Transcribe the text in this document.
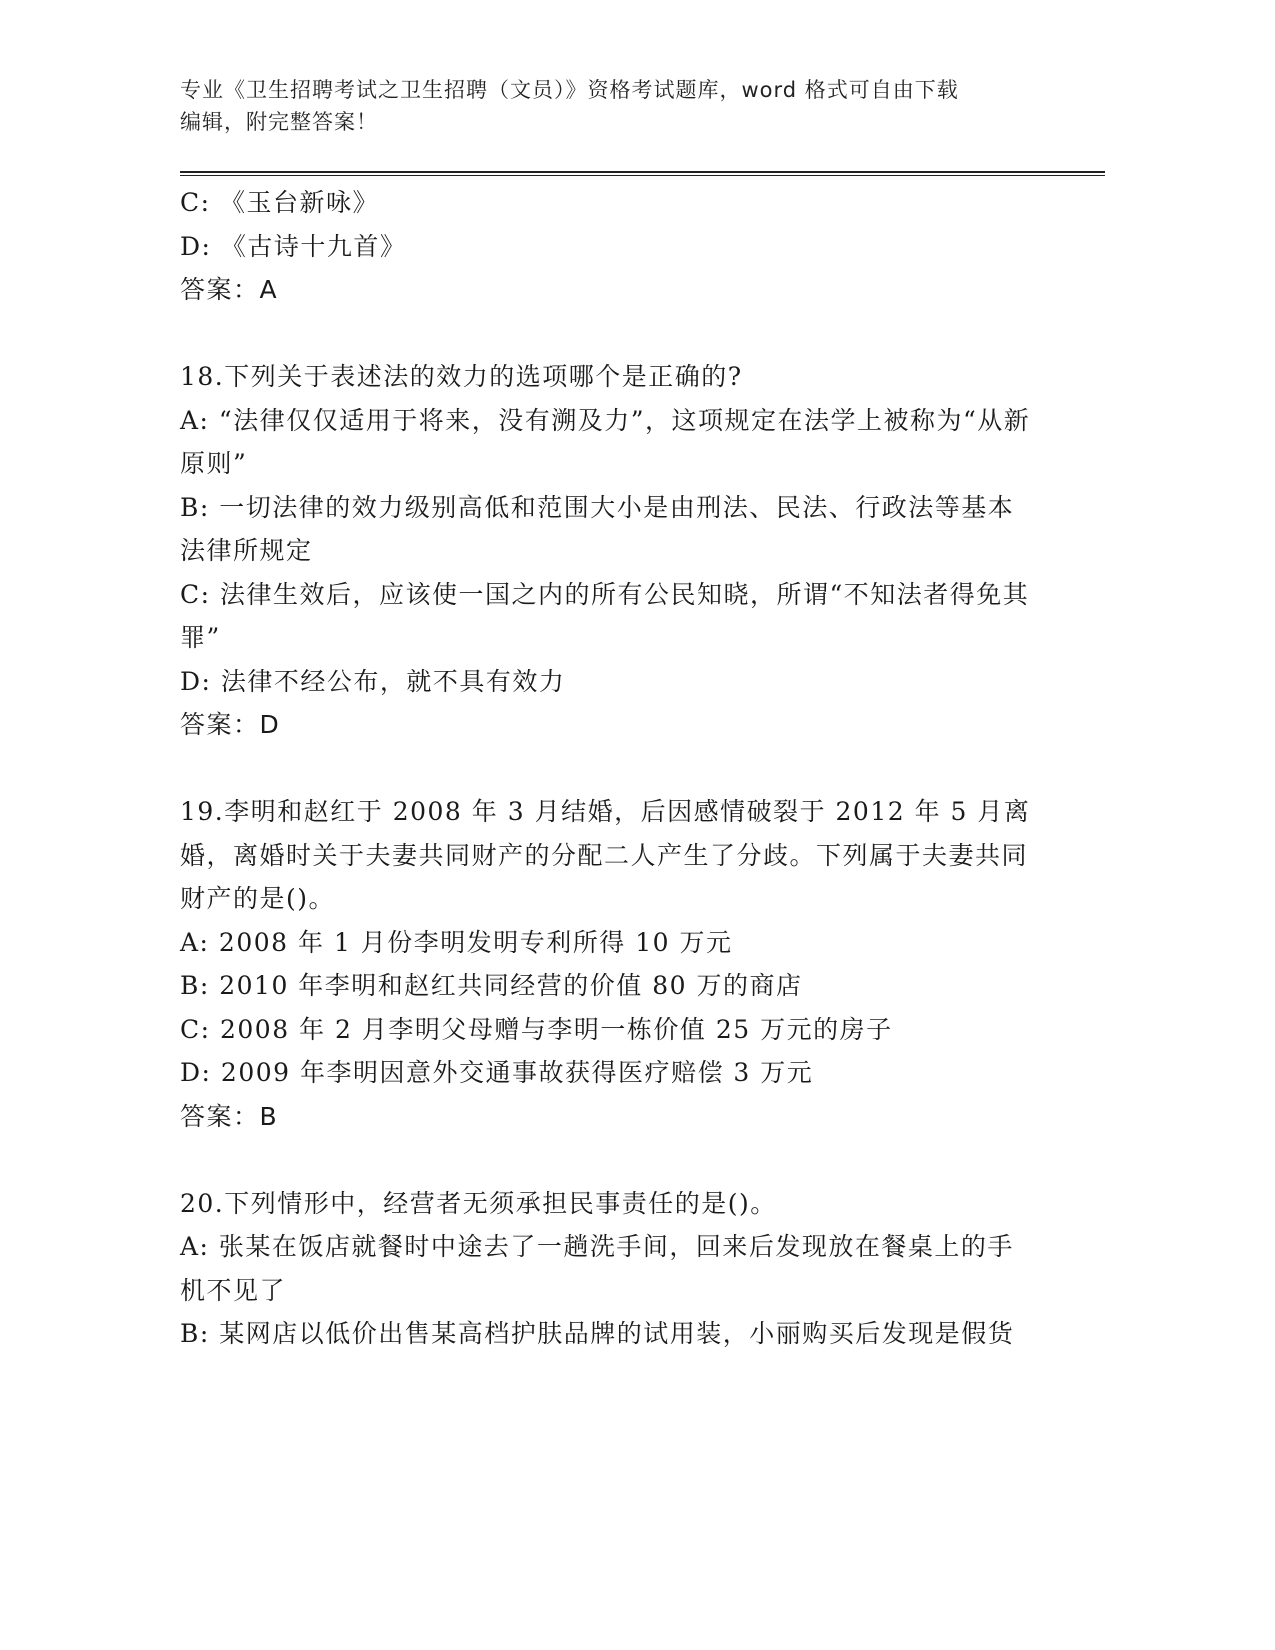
专业《卫生招聘考试之卫生招聘（文员）》资格考试题库，word 格式可自由下载
编辑，附完整答案！
C: 《玉台新咏》
D: 《古诗十九首》
答案：A
18.下列关于表述法的效力的选项哪个是正确的?
A: “法律仅仅适用于将来，没有溯及力”，这项规定在法学上被称为“从新原则”
B: 一切法律的效力级别高低和范围大小是由刑法、民法、行政法等基本法律所规定
C: 法律生效后，应该使一国之内的所有公民知晓，所谓“不知法者得免其罪”
D: 法律不经公布，就不具有效力
答案：D
19.李明和赵红于 2008 年 3 月结婚，后因感情破裂于 2012 年 5 月离婚，离婚时关于夫妻共同财产的分配二人产生了分歧。下列属于夫妻共同财产的是()。
A: 2008 年 1 月份李明发明专利所得 10 万元
B: 2010 年李明和赵红共同经营的价值 80 万的商店
C: 2008 年 2 月李明父母赠与李明一栋价值 25 万元的房子
D: 2009 年李明因意外交通事故获得医疗赔偿 3 万元
答案：B
20.下列情形中，经营者无须承担民事责任的是()。
A: 张某在饭店就餐时中途去了一趟洗手间，回来后发现放在餐桌上的手机不见了
B: 某网店以低价出售某高档护肤品牌的试用装，小丽购买后发现是假货
